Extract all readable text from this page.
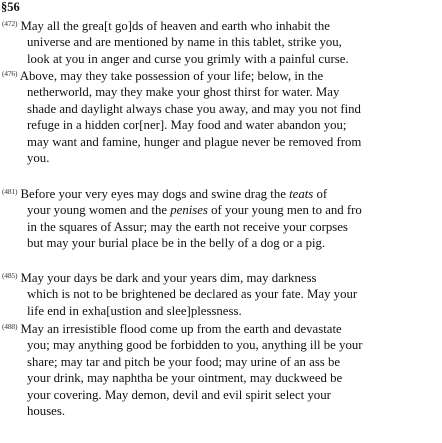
§56

$^{(472)}$ May all the grea[t go]ds of heaven and earth who inhabit the
universe and are mentioned by name in this tablet, strike you,
look at you in anger and curse you grimly with a painful curse.

$^{(476)}$ Above, may they take possession of your life; below, in the
netherworld, may they make your ghost thirst for water. May
shade and daylight always chase you away, and may you not find
refuge in a hidden cor[ner]. May food and water abandon you;
may want and famine, hunger and plague never be removed from
you.

$^{(481)}$ Before your very eyes may dogs and swine drag the teats of
your young women and the penises of your young men to and fro
in the squares of Assur; may the earth not receive your corpses
but may your burial place be in the belly of a dog or a pig.

$^{(485)}$ May your days be dark and your years dim, may darkness
which is not to be brightened be declared as your fate. May your
life end in exha[ustion and slee]plessness.

$^{(488)}$ May an irresistible flood come up from the earth and devastate
you; may anything good be forbidden to you, anything ill be your
share; may tar and pitch be your food; may urine of an ass be
your drink, may naphtha be your ointment, may duckweed be
your covering. May demon, devil and evil spirit select your
houses.
